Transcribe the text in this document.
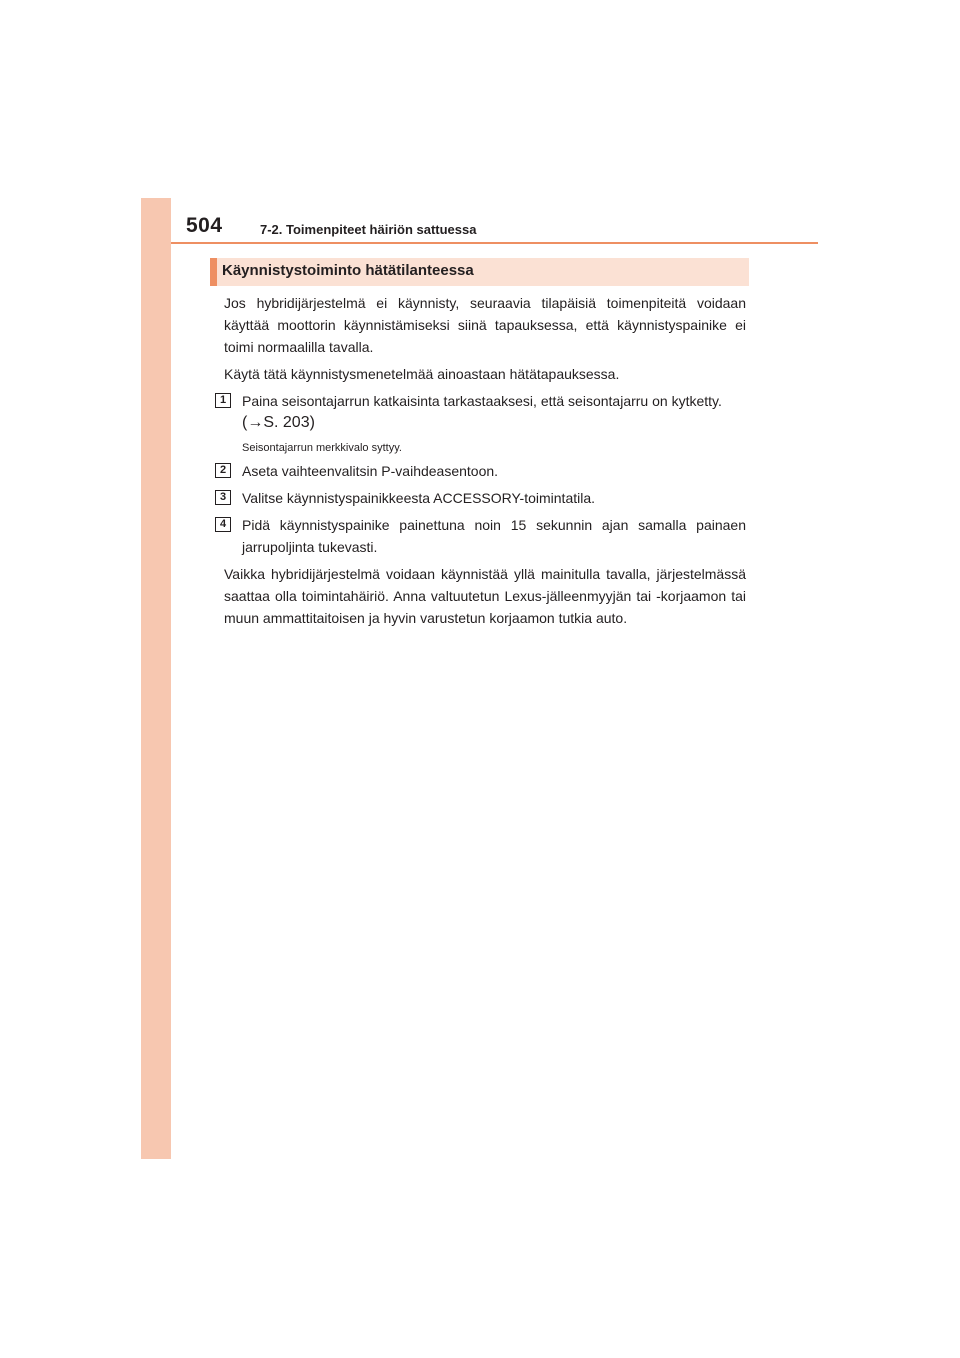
504	7-2. Toimenpiteet häiriön sattuessa
Käynnistystoiminto hätätilanteessa

Jos hybridijärjestelmä ei käynnisty, seuraavia tilapäisiä toimenpiteitä voidaan käyttää moottorin käynnistämiseksi siinä tapauksessa, että käynnistyspainike ei toimi normaalilla tavalla.

Käytä tätä käynnistysmenetelmää ainoastaan hätätapauksessa.

1	Paina seisontajarrun katkaisinta tarkastaaksesi, että seisontajarru on kytketty.
(→S. 203)
Seisontajarrun merkkivalo syttyy.
2	Aseta vaihteenvalitsin P-vaihdeasentoon.
3	Valitse käynnistyspainikkeesta ACCESSORY-toimintatila.
4	Pidä käynnistyspainike painettuna noin 15 sekunnin ajan samalla painaen jarrupoljinta tukevasti.

Vaikka hybridijärjestelmä voidaan käynnistää yllä mainitulla tavalla, järjestelmässä saattaa olla toimintahäiriö. Anna valtuutetun Lexus-jälleenmyyjän tai -korjaamon tai muun ammattitaitoisen ja hyvin varustetun korjaamon tutkia auto.
